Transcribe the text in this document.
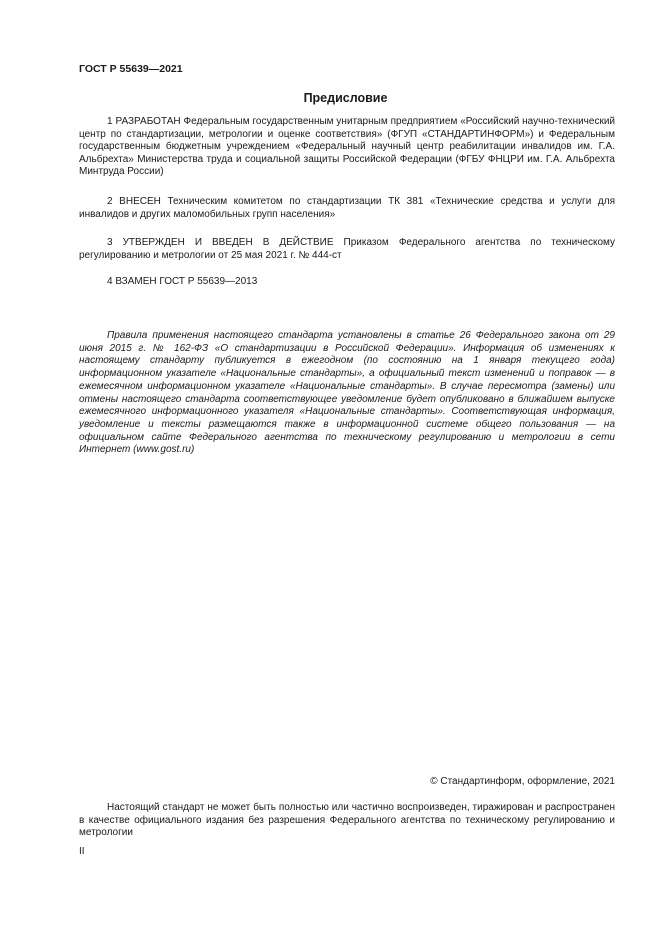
ГОСТ Р 55639—2021
Предисловие

1 РАЗРАБОТАН Федеральным государственным унитарным предприятием «Российский научно-технический центр по стандартизации, метрологии и оценке соответствия» (ФГУП «СТАНДАРТИНФОРМ») и Федеральным государственным бюджетным учреждением «Федеральный научный центр реабилитации инвалидов им. Г.А. Альбрехта» Министерства труда и социальной защиты Российской Федерации (ФГБУ ФНЦРИ им. Г.А. Альбрехта Минтруда России)

2 ВНЕСЕН Техническим комитетом по стандартизации ТК 381 «Технические средства и услуги для инвалидов и других маломобильных групп населения»

3 УТВЕРЖДЕН И ВВЕДЕН В ДЕЙСТВИЕ Приказом Федерального агентства по техническому регулированию и метрологии от 25 мая 2021 г. № 444-ст

4 ВЗАМЕН ГОСТ Р 55639—2013

Правила применения настоящего стандарта установлены в статье 26 Федерального закона от 29 июня 2015 г. № 162-ФЗ «О стандартизации в Российской Федерации». Информация об изменениях к настоящему стандарту публикуется в ежегодном (по состоянию на 1 января текущего года) информационном указателе «Национальные стандарты», а официальный текст изменений и поправок — в ежемесячном информационном указателе «Национальные стандарты». В случае пересмотра (замены) или отмены настоящего стандарта соответствующее уведомление будет опубликовано в ближайшем выпуске ежемесячного информационного указателя «Национальные стандарты». Соответствующая информация, уведомление и тексты размещаются также в информационной системе общего пользования — на официальном сайте Федерального агентства по техническому регулированию и метрологии в сети Интернет (www.gost.ru)

© Стандартинформ, оформление, 2021

Настоящий стандарт не может быть полностью или частично воспроизведен, тиражирован и распространен в качестве официального издания без разрешения Федерального агентства по техническому регулированию и метрологии

II
